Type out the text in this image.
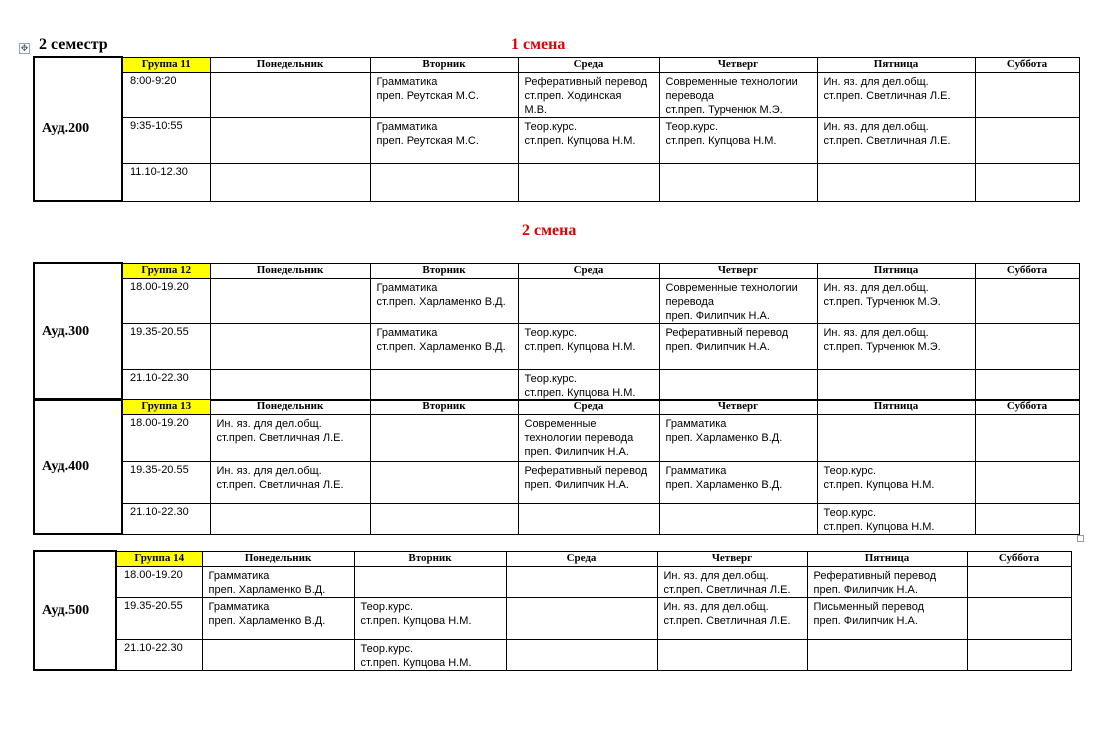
✥ 2 семестр	1 смена
2 смена
Ауд.200	Группа 11	Понедельник	Вторник	Среда	Четверг	Пятница	Суббота
	8:00-9:20		Грамматика
преп. Реутская М.С.	Реферативный перевод
ст.преп. Ходинская
М.В.	Современные технологии
перевода
ст.преп. Турченюк М.Э.	Ин. яз. для дел.общ.
ст.преп. Светличная Л.Е.	

	9:35-10:55		Грамматика
преп. Реутская М.С.	Теор.курс.
ст.преп. Купцова Н.М.	Теор.курс.
ст.преп. Купцова Н.М.	Ин. яз. для дел.общ.
ст.преп. Светличная Л.Е.	

	11.10-12.30						
Ауд.300	Группа 12	Понедельник	Вторник	Среда	Четверг	Пятница	Суббота
	18.00-19.20		Грамматика
ст.преп. Харламенко В.Д.		Современные технологии
перевода
преп. Филипчик Н.А.	Ин. яз. для дел.общ.
ст.преп. Турченюк М.Э.	

	19.35-20.55		Грамматика
ст.преп. Харламенко В.Д.	Теор.курс.
ст.преп. Купцова Н.М.	Реферативный перевод
преп. Филипчик Н.А.	Ин. яз. для дел.общ.
ст.преп. Турченюк М.Э.	

	21.10-22.30			Теор.курс.
ст.преп. Купцова Н.М.			

Ауд.400	Группа 13	Понедельник	Вторник	Среда	Четверг	Пятница	Суббота
	18.00-19.20	Ин. яз. для дел.общ.
ст.преп. Светличная Л.Е.		Современные
технологии перевода
преп. Филипчик Н.А.	Грамматика
преп. Харламенко В.Д.		

	19.35-20.55	Ин. яз. для дел.общ.
ст.преп. Светличная Л.Е.		Реферативный перевод
преп. Филипчик Н.А.	Грамматика
преп. Харламенко В.Д.	Теор.курс.
ст.преп. Купцова Н.М.	

	21.10-22.30					Теор.курс.
ст.преп. Купцова Н.М.	

Ауд.500	Группа 14	Понедельник	Вторник	Среда	Четверг	Пятница	Суббота
	18.00-19.20	Грамматика
преп. Харламенко В.Д.			Ин. яз. для дел.общ.
ст.преп. Светличная Л.Е.	Реферативный перевод
преп. Филипчик Н.А.	

	19.35-20.55	Грамматика
преп. Харламенко В.Д.	Теор.курс.
ст.преп. Купцова Н.М.		Ин. яз. для дел.общ.
ст.преп. Светличная Л.Е.	Письменный перевод
преп. Филипчик Н.А.	

	21.10-22.30		Теор.курс.
ст.преп. Купцова Н.М.				
